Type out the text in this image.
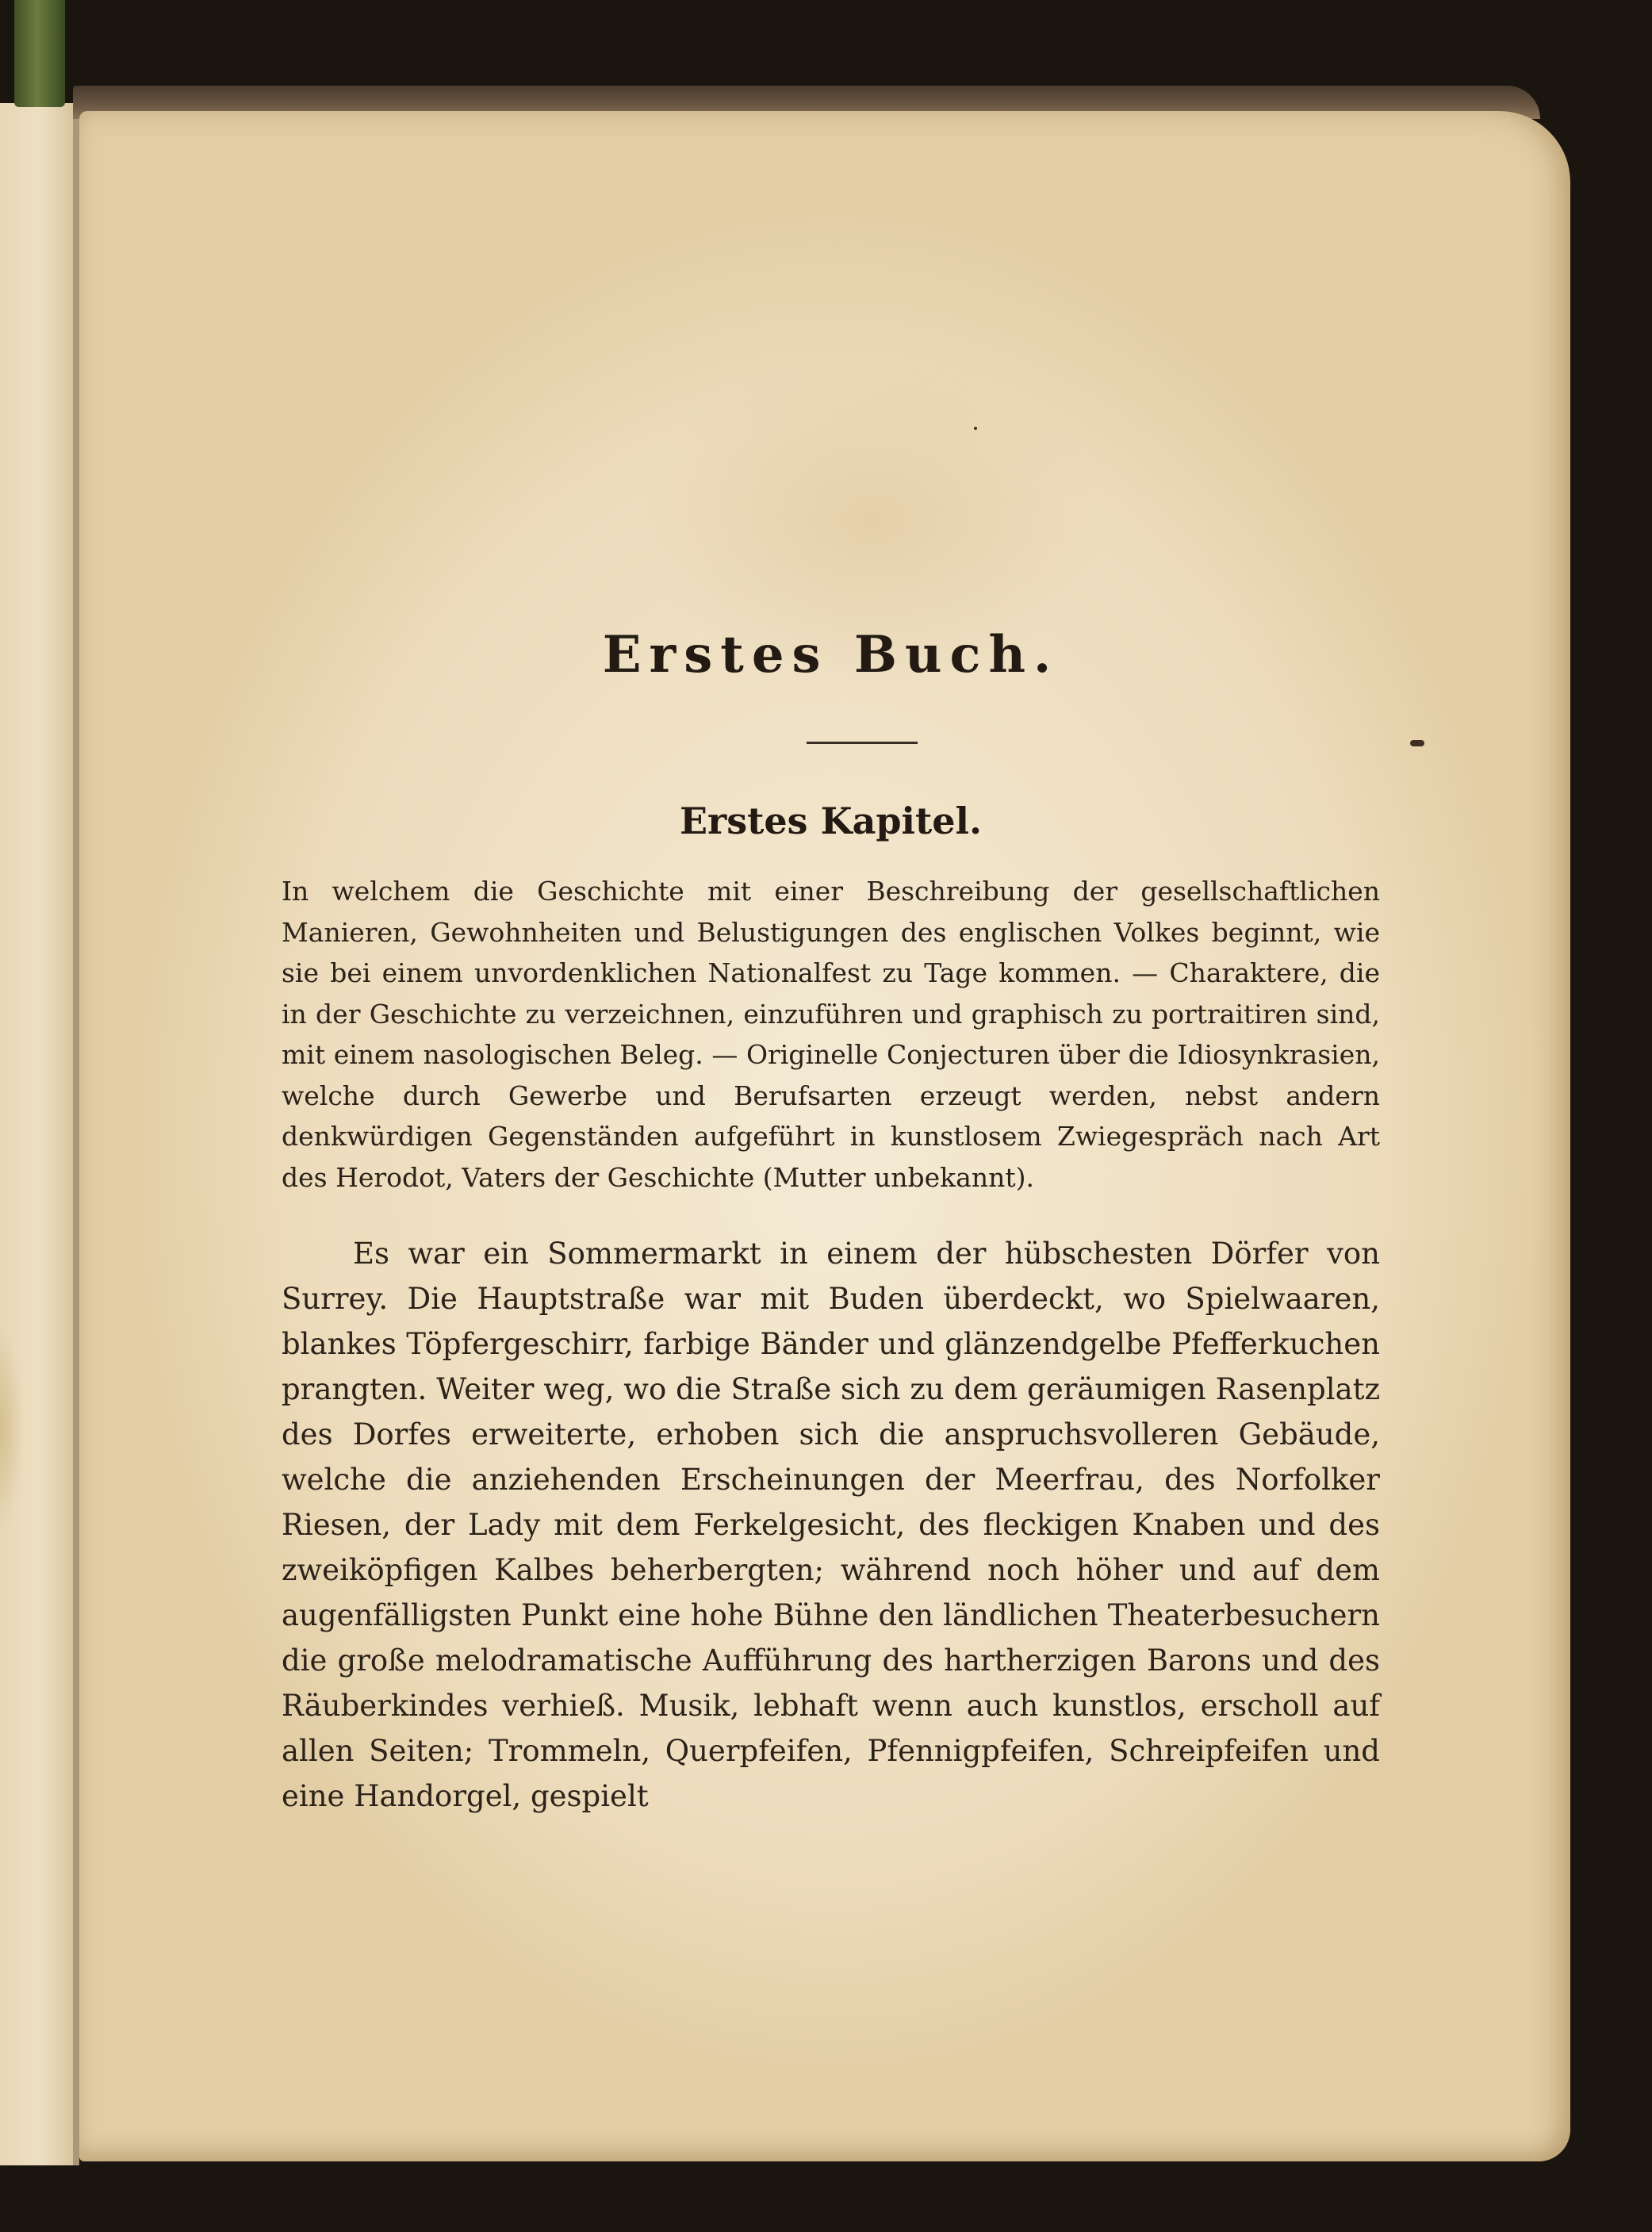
Erstes Buch.
Erstes Kapitel.
In welchem die Geschichte mit einer Beschreibung der gesellschaftlichen Manieren, Gewohnheiten und Belustigungen des englischen Volkes beginnt, wie sie bei einem unvordenklichen Nationalfest zu Tage kommen. — Charaktere, die in der Geschichte zu verzeichnen, einzuführen und graphisch zu portraitiren sind, mit einem nasologischen Beleg. — Originelle Conjecturen über die Idiosynkrasien, welche durch Gewerbe und Berufsarten erzeugt werden, nebst andern denkwürdigen Gegenständen aufgeführt in kunstlosem Zwiegespräch nach Art des Herodot, Vaters der Geschichte (Mutter unbekannt).
Es war ein Sommermarkt in einem der hübschesten Dörfer von Surrey. Die Hauptstraße war mit Buden überdeckt, wo Spielwaaren, blankes Töpfergeschirr, farbige Bänder und glänzendgelbe Pfefferkuchen prangten. Weiter weg, wo die Straße sich zu dem geräumigen Rasenplatz des Dorfes erweiterte, erhoben sich die anspruchsvolleren Gebäude, welche die anziehenden Erscheinungen der Meerfrau, des Norfolker Riesen, der Lady mit dem Ferkelgesicht, des fleckigen Knaben und des zweiköpfigen Kalbes beherbergten; während noch höher und auf dem augenfälligsten Punkt eine hohe Bühne den ländlichen Theaterbesuchern die große melodramatische Aufführung des hartherzigen Barons und des Räuberkindes verhieß. Musik, lebhaft wenn auch kunstlos, erscholl auf allen Seiten; Trommeln, Querpfeifen, Pfennigpfeifen, Schreipfeifen und eine Handorgel, gespielt
